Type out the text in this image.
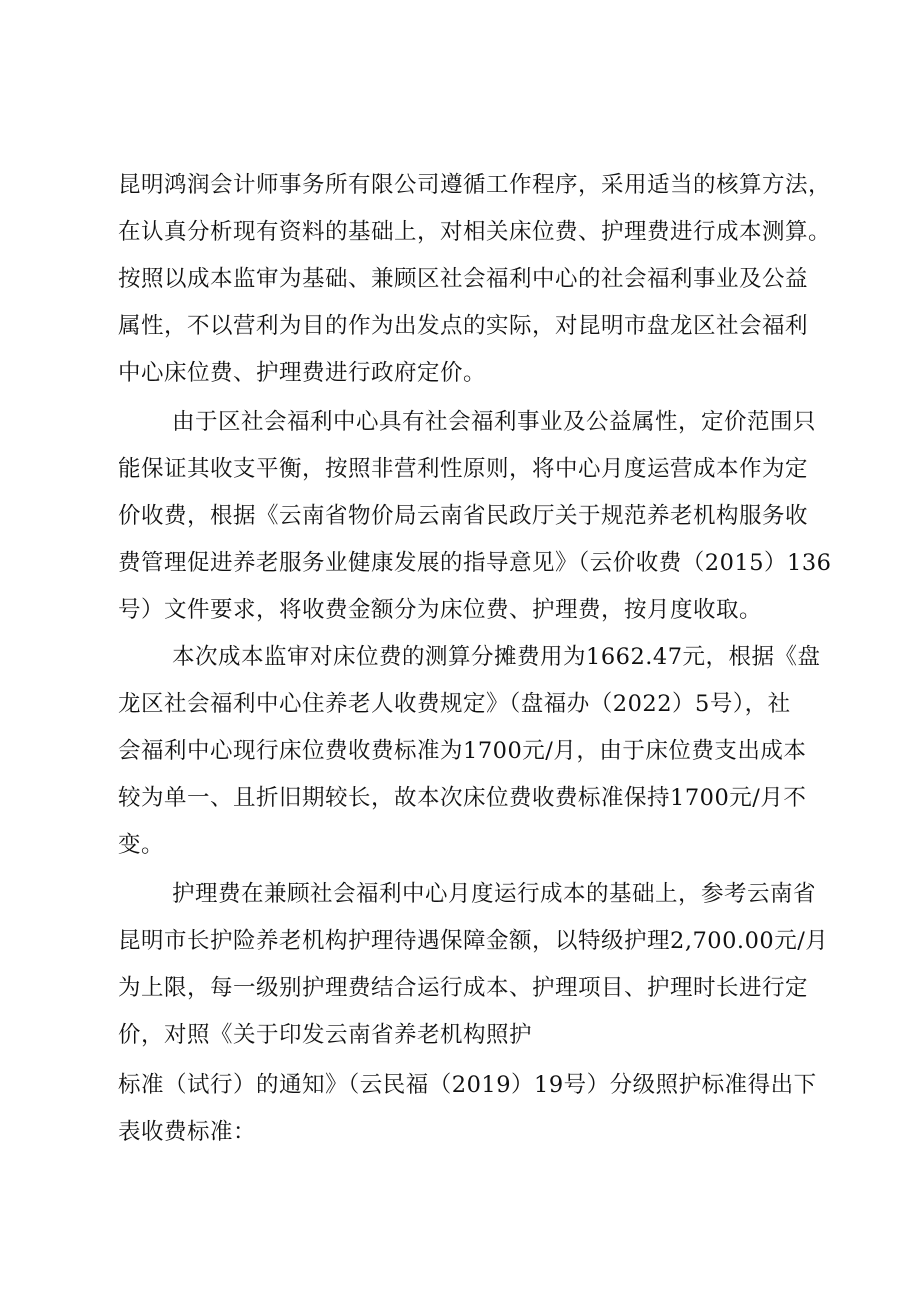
昆明鸿润会计师事务所有限公司遵循工作程序，采用适当的核算方法，
在认真分析现有资料的基础上，对相关床位费、护理费进行成本测算。
按照以成本监审为基础、兼顾区社会福利中心的社会福利事业及公益
属性，不以营利为目的作为出发点的实际，对昆明市盘龙区社会福利
中心床位费、护理费进行政府定价。
由于区社会福利中心具有社会福利事业及公益属性，定价范围只
能保证其收支平衡，按照非营利性原则，将中心月度运营成本作为定
价收费，根据《云南省物价局云南省民政厅关于规范养老机构服务收
费管理促进养老服务业健康发展的指导意见》（云价收费（2015）136
号）文件要求，将收费金额分为床位费、护理费，按月度收取。
本次成本监审对床位费的测算分摊费用为1662.47元，根据《盘
龙区社会福利中心住养老人收费规定》（盘福办（2022）5号），社
会福利中心现行床位费收费标准为1700元/月，由于床位费支出成本
较为单一、且折旧期较长，故本次床位费收费标准保持1700元/月不
变。
护理费在兼顾社会福利中心月度运行成本的基础上，参考云南省
昆明市长护险养老机构护理待遇保障金额，以特级护理2,700.00元/月
为上限，每一级别护理费结合运行成本、护理项目、护理时长进行定
价，对照《关于印发云南省养老机构照护
标准（试行）的通知》（云民福（2019）19号）分级照护标准得出下
表收费标准：
